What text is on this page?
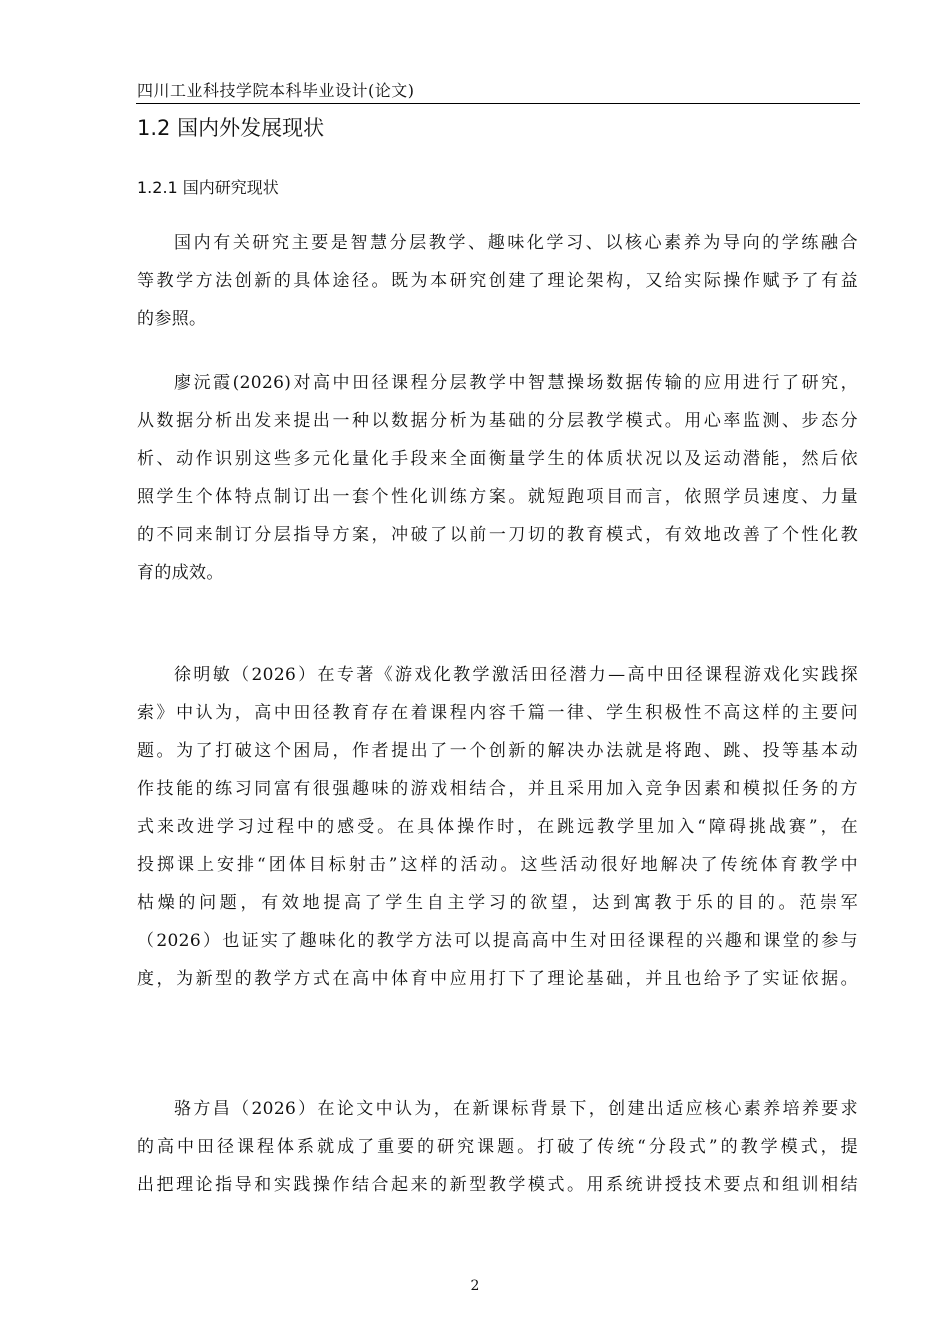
四川工业科技学院本科毕业设计(论文)
1.2 国内外发展现状
1.2.1 国内研究现状
国内有关研究主要是智慧分层教学、趣味化学习、以核心素养为导向的学练融合
等教学方法创新的具体途径。既为本研究创建了理论架构，又给实际操作赋予了有益
的参照。
廖沅霞(2026)对高中田径课程分层教学中智慧操场数据传输的应用进行了研究，
从数据分析出发来提出一种以数据分析为基础的分层教学模式。用心率监测、步态分
析、动作识别这些多元化量化手段来全面衡量学生的体质状况以及运动潜能，然后依
照学生个体特点制订出一套个性化训练方案。就短跑项目而言，依照学员速度、力量
的不同来制订分层指导方案，冲破了以前一刀切的教育模式，有效地改善了个性化教
育的成效。
徐明敏（2026）在专著《游戏化教学激活田径潜力—高中田径课程游戏化实践探
索》中认为，高中田径教育存在着课程内容千篇一律、学生积极性不高这样的主要问
题。为了打破这个困局，作者提出了一个创新的解决办法就是将跑、跳、投等基本动
作技能的练习同富有很强趣味的游戏相结合，并且采用加入竞争因素和模拟任务的方
式来改进学习过程中的感受。在具体操作时，在跳远教学里加入“障碍挑战赛”，在
投掷课上安排“团体目标射击”这样的活动。这些活动很好地解决了传统体育教学中
枯燥的问题，有效地提高了学生自主学习的欲望，达到寓教于乐的目的。范崇军
（2026）也证实了趣味化的教学方法可以提高高中生对田径课程的兴趣和课堂的参与
度，为新型的教学方式在高中体育中应用打下了理论基础，并且也给予了实证依据。
骆方昌（2026）在论文中认为，在新课标背景下，创建出适应核心素养培养要求
的高中田径课程体系就成了重要的研究课题。打破了传统“分段式”的教学模式，提
出把理论指导和实践操作结合起来的新型教学模式。用系统讲授技术要点和组训相结
2
